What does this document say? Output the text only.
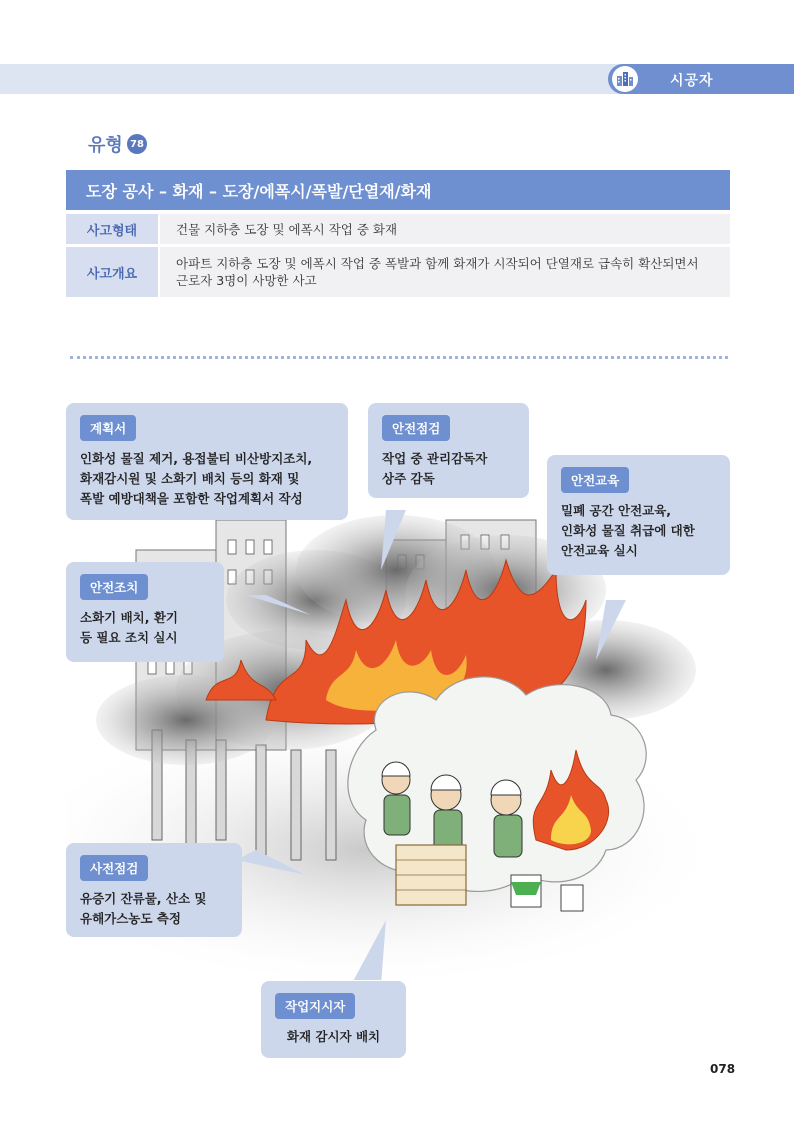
시공자
유형 78
도장 공사 – 화재 – 도장/에폭시/폭발/단열재/화재
사고형태	건물 지하층 도장 및 에폭시 작업 중 화재
사고개요
아파트 지하층 도장 및 에폭시 작업 중 폭발과 함께 화재가 시작되어 단열재로 급속히 확산되면서
근로자 3명이 사망한 사고
계획서
인화성 물질 제거, 용접불티 비산방지조치,
화재감시원 및 소화기 배치 등의 화재 및
폭발 예방대책을 포함한 작업계획서 작성
안전점검
작업 중 관리감독자
상주 감독	안전교육
밀폐 공간 안전교육,
인화성 물질 취급에 대한
안전교육 실시
안전조치
소화기 배치, 환기
등 필요 조치 실시
사전점검
유증기 잔류물, 산소 및
유해가스농도 측정
작업지시자
화재 감시자 배치
078
